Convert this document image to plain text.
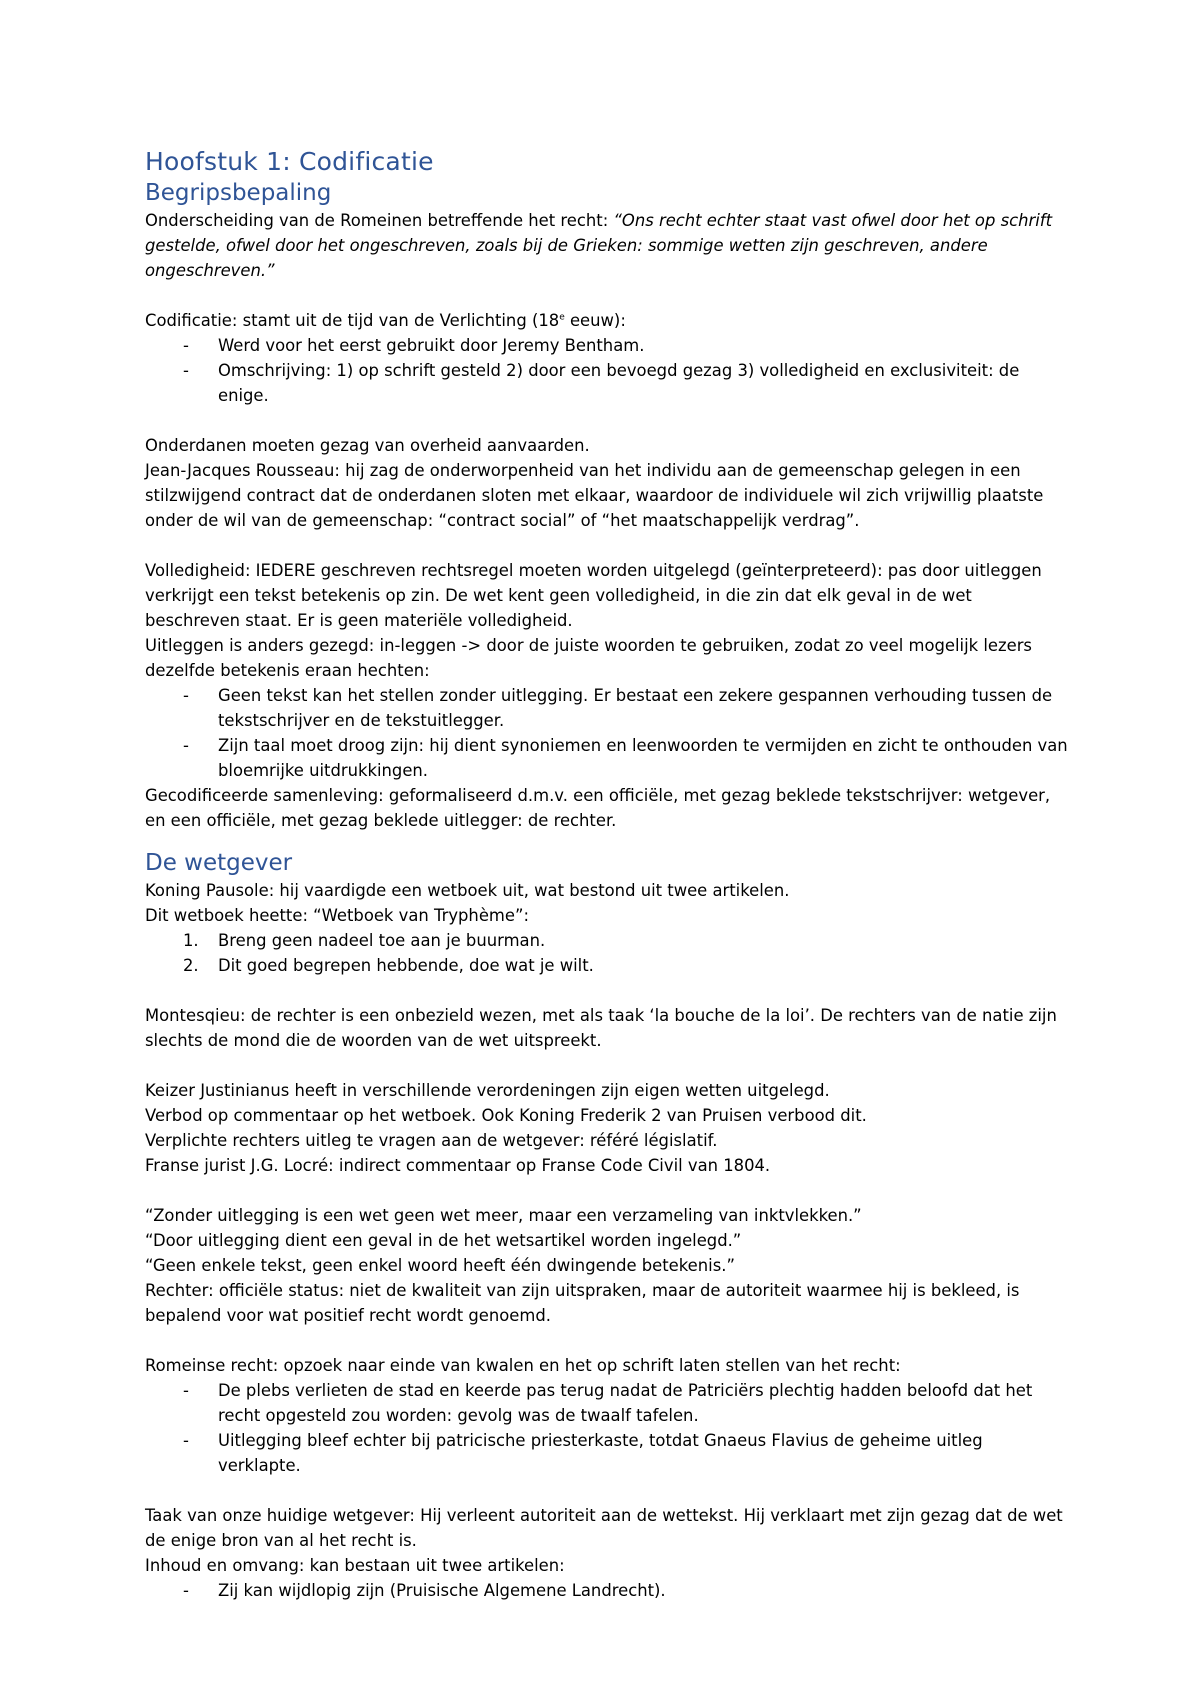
Hoofstuk 1: Codificatie
Begripsbepaling

Onderscheiding van de Romeinen betreffende het recht: “Ons recht echter staat vast ofwel door het op schrift gestelde, ofwel door het ongeschreven, zoals bij de Grieken: sommige wetten zijn geschreven, andere ongeschreven.”

Codificatie: stamt uit de tijd van de Verlichting (18e eeuw):

- Werd voor het eerst gebruikt door Jeremy Bentham.
- Omschrijving: 1) op schrift gesteld 2) door een bevoegd gezag 3) volledigheid en exclusiviteit: de enige.

Onderdanen moeten gezag van overheid aanvaarden.

Jean-Jacques Rousseau: hij zag de onderworpenheid van het individu aan de gemeenschap gelegen in een stilzwijgend contract dat de onderdanen sloten met elkaar, waardoor de individuele wil zich vrijwillig plaatste onder de wil van de gemeenschap: “contract social” of “het maatschappelijk verdrag”.

Volledigheid: IEDERE geschreven rechtsregel moeten worden uitgelegd (geïnterpreteerd): pas door uitleggen verkrijgt een tekst betekenis op zin. De wet kent geen volledigheid, in die zin dat elk geval in de wet beschreven staat. Er is geen materiële volledigheid.

Uitleggen is anders gezegd: in-leggen -> door de juiste woorden te gebruiken, zodat zo veel mogelijk lezers dezelfde betekenis eraan hechten:

- Geen tekst kan het stellen zonder uitlegging. Er bestaat een zekere gespannen verhouding tussen de tekstschrijver en de tekstuitlegger.
- Zijn taal moet droog zijn: hij dient synoniemen en leenwoorden te vermijden en zicht te onthouden van bloemrijke uitdrukkingen.

Gecodificeerde samenleving: geformaliseerd d.m.v. een officiële, met gezag beklede tekstschrijver: wetgever, en een officiële, met gezag beklede uitlegger: de rechter.

De wetgever

Koning Pausole: hij vaardigde een wetboek uit, wat bestond uit twee artikelen.

Dit wetboek heette: “Wetboek van Tryphème”:

1. Breng geen nadeel toe aan je buurman.
2. Dit goed begrepen hebbende, doe wat je wilt.

Montesqieu: de rechter is een onbezield wezen, met als taak ‘la bouche de la loi’. De rechters van de natie zijn slechts de mond die de woorden van de wet uitspreekt.

Keizer Justinianus heeft in verschillende verordeningen zijn eigen wetten uitgelegd.

Verbod op commentaar op het wetboek. Ook Koning Frederik 2 van Pruisen verbood dit.

Verplichte rechters uitleg te vragen aan de wetgever: référé législatif.

Franse jurist J.G. Locré: indirect commentaar op Franse Code Civil van 1804.

“Zonder uitlegging is een wet geen wet meer, maar een verzameling van inktvlekken.”

“Door uitlegging dient een geval in de het wetsartikel worden ingelegd.”

“Geen enkele tekst, geen enkel woord heeft één dwingende betekenis.”

Rechter: officiële status: niet de kwaliteit van zijn uitspraken, maar de autoriteit waarmee hij is bekleed, is bepalend voor wat positief recht wordt genoemd.

Romeinse recht: opzoek naar einde van kwalen en het op schrift laten stellen van het recht:

- De plebs verlieten de stad en keerde pas terug nadat de Patriciërs plechtig hadden beloofd dat het recht opgesteld zou worden: gevolg was de twaalf tafelen.
- Uitlegging bleef echter bij patricische priesterkaste, totdat Gnaeus Flavius de geheime uitleg verklapte.

Taak van onze huidige wetgever: Hij verleent autoriteit aan de wettekst. Hij verklaart met zijn gezag dat de wet de enige bron van al het recht is.

Inhoud en omvang: kan bestaan uit twee artikelen:

- Zij kan wijdlopig zijn (Pruisische Algemene Landrecht).
